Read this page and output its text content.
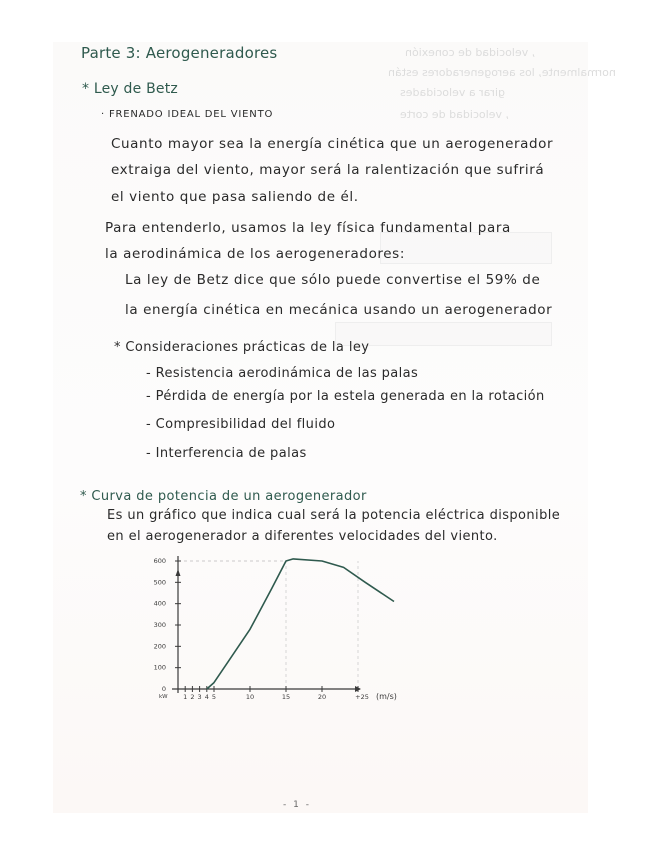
, velocidad de conexión
normalmente, los aerogeneradores están
girar a velocidades
, velocidad de corte
Parte 3: Aerogeneradores
* Ley de Betz
· FRENADO IDEAL DEL VIENTO
Cuanto mayor sea la energía cinética que un aerogenerador
extraiga del viento, mayor será la ralentización que sufrirá
el viento que pasa saliendo de él.
Para entenderlo, usamos la ley física fundamental para
la aerodinámica de los aerogeneradores:
La ley de Betz dice que sólo puede convertise el 59% de
la energía cinética en mecánica usando un aerogenerador
* Consideraciones prácticas de la ley
- Resistencia aerodinámica de las palas
- Pérdida de energía por la estela generada en la rotación
- Compresibilidad del fluido
- Interferencia de palas
* Curva de potencia de un aerogenerador
Es un gráfico que indica cual será la potencia eléctrica disponible
en el aerogenerador a diferentes velocidades del viento.
0
100
200
300
400
500
600
kW 1 2 3 4 5	10	15	20	+25 (m/s)
- 1 -
